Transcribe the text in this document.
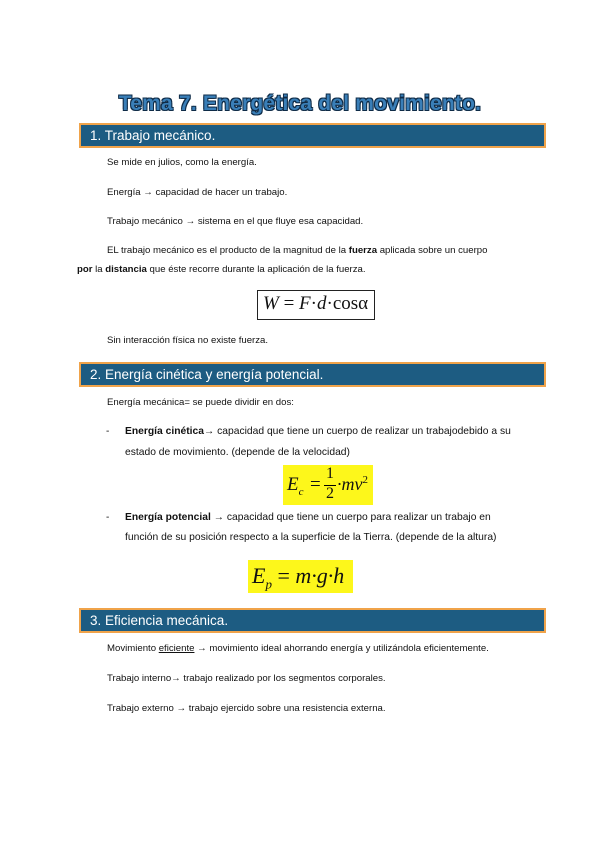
Tema 7. Energética del movimiento.
1. Trabajo mecánico.
Se mide en julios, como la energía.
Energía → capacidad de hacer un trabajo.
Trabajo mecánico → sistema en el que fluye esa capacidad.
EL trabajo mecánico es el producto de la magnitud de la fuerza aplicada sobre un cuerpo
por la distancia que éste recorre durante la aplicación de la fuerza.
W = F·d·cosα
Sin interacción física no existe fuerza.
2. Energía cinética y energía potencial.
Energía mecánica= se puede dividir en dos:
- Energía cinética→ capacidad que tiene un cuerpo de realizar un trabajodebido a su
estado de movimiento. (depende de la velocidad)
$E_c$ =
1
$2 \cdot mv^2$
- Energía potencial → capacidad que tiene un cuerpo para realizar un trabajo en
función de su posición respecto a la superficie de la Tierra. (depende de la altura)
$E_p = m\cdot g\cdot h$
3. Eficiencia mecánica.
Movimiento eficiente → movimiento ideal ahorrando energía y utilizándola eficientemente.
Trabajo interno→ trabajo realizado por los segmentos corporales.
Trabajo externo → trabajo ejercido sobre una resistencia externa.
